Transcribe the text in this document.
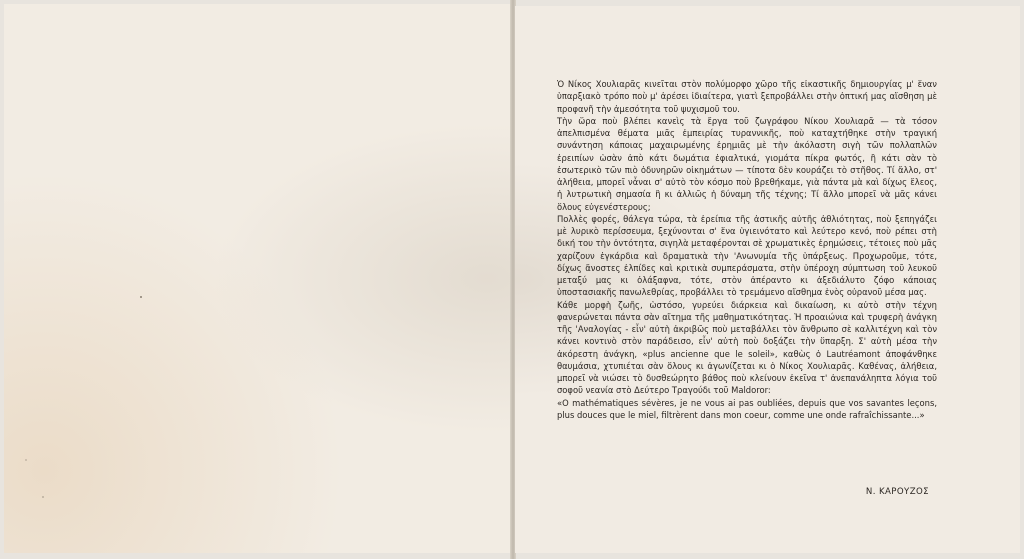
Ὁ Νίκος Χουλιαρᾶς κινεῖται στὸν πολύμορφο χῶρο τῆς εἰκαστικῆς δημιουργίας μ' ἕναν ὑπαρξιακὸ τρόπο ποὺ μ' ἀρέσει ἰδιαίτερα, γιατὶ ξεπροβάλλει στὴν ὀπτική μας αἴσθηση μὲ προφανῆ τὴν ἀμεσότητα τοῦ ψυχισμοῦ του.

Τὴν ὥρα ποὺ βλέπει κανεὶς τὰ ἔργα τοῦ ζωγράφου Νίκου Χουλιαρᾶ — τὰ τόσον ἀπελπισμένα θέματα μιᾶς ἐμπειρίας τυραννικῆς, ποὺ καταχτήθηκε στὴν τραγική συνάντηση κάποιας μαχαιρωμένης ἐρημιᾶς μὲ τὴν ἀκόλαστη σιγὴ τῶν πολλαπλῶν ἐρειπίων ὡσὰν ἀπὸ κάτι δωμάτια ἐφιαλτικά, γιομάτα πίκρα φωτός, ἢ κάτι σὰν τὸ ἐσωτερικὸ τῶν πιὸ ὀδυνηρῶν οἰκημάτων — τίποτα δὲν κουράζει τὸ στῆθος. Τί ἄλλο, στ' ἀλήθεια, μπορεῖ νἆναι σ' αὐτὸ τὸν κόσμο ποὺ βρεθήκαμε, γιὰ πάντα μὰ καὶ δίχως ἔλεος, ἡ λυτρωτικὴ σημασία ἢ κι ἀλλιῶς ἡ δύναμη τῆς τέχνης; Τί ἄλλο μπορεῖ νὰ μᾶς κάνει ὅλους εὐγενέστερους;

Πολλὲς φορές, θάλεγα τώρα, τὰ ἐρείπια τῆς ἀστικῆς αὐτῆς ἀθλιότητας, ποὺ ξεπηγάζει μὲ λυρικὸ περίσσευμα, ξεχύνονται σ' ἕνα ὑγιεινότατο καὶ λεύτερο κενό, ποὺ ρέπει στὴ δική του τὴν ὀντότητα, σιγηλὰ μεταφέρονται σὲ χρωματικὲς ἐρημώσεις, τέτοιες ποὺ μᾶς χαρίζουν ἐγκάρδια καὶ δραματικὰ τὴν 'Ανωνυμία τῆς ὑπάρξεως. Προχωροῦμε, τότε, δίχως ἄνοστες ἐλπίδες καὶ κριτικὰ συμπεράσματα, στὴν ὑπέροχη σύμπτωση τοῦ λευκοῦ μεταξύ μας κι ὀλάξαφνα, τότε, στὸν ἀπέραντο κι ἀξεδιάλυτο ζόφο κάποιας ὑποστασιακῆς πανωλεθρίας, προβάλλει τὸ τρεμάμενο αἴσθημα ἑνὸς οὐρανοῦ μέσα μας.

Κάθε μορφὴ ζωῆς, ὡστόσο, γυρεύει διάρκεια καὶ δικαίωση, κι αὐτὸ στὴν τέχνη φανερώνεται πάντα σὰν αἴτημα τῆς μαθηματικότητας. Ἡ προαιώνια καὶ τρυφερὴ ἀνάγκη τῆς 'Αναλογίας - εἶν' αὐτὴ ἀκριβῶς ποὺ μεταβάλλει τὸν ἄνθρωπο σὲ καλλιτέχνη καὶ τὸν κάνει κοντινὸ στὸν παράδεισο, εἶν' αὐτὴ ποὺ δοξάζει τὴν ὕπαρξη. Σ' αὐτὴ μέσα τὴν ἀκόρεστη ἀνάγκη, «plus ancienne que le soleil», καθὼς ὁ Lautréamont ἀποφάνθηκε θαυμάσια, χτυπιέται σὰν ὅλους κι ἀγωνίζεται κι ὁ Νίκος Χουλιαρᾶς. Καθένας, ἀλήθεια, μπορεῖ νὰ νιώσει τὸ δυσθεώρητο βάθος ποὺ κλείνουν ἐκεῖνα τ' ἀνεπανάληπτα λόγια τοῦ σοφοῦ νεανία στὸ Δεύτερο Τραγούδι τοῦ Maldoror:

«O mathématiques sévères, je ne vous ai pas oubliées, depuis que vos savantes leçons, plus douces que le miel, filtrèrent dans mon coeur, comme une onde rafraîchissante...»

Ν. ΚΑΡΟΥΖΟΣ
